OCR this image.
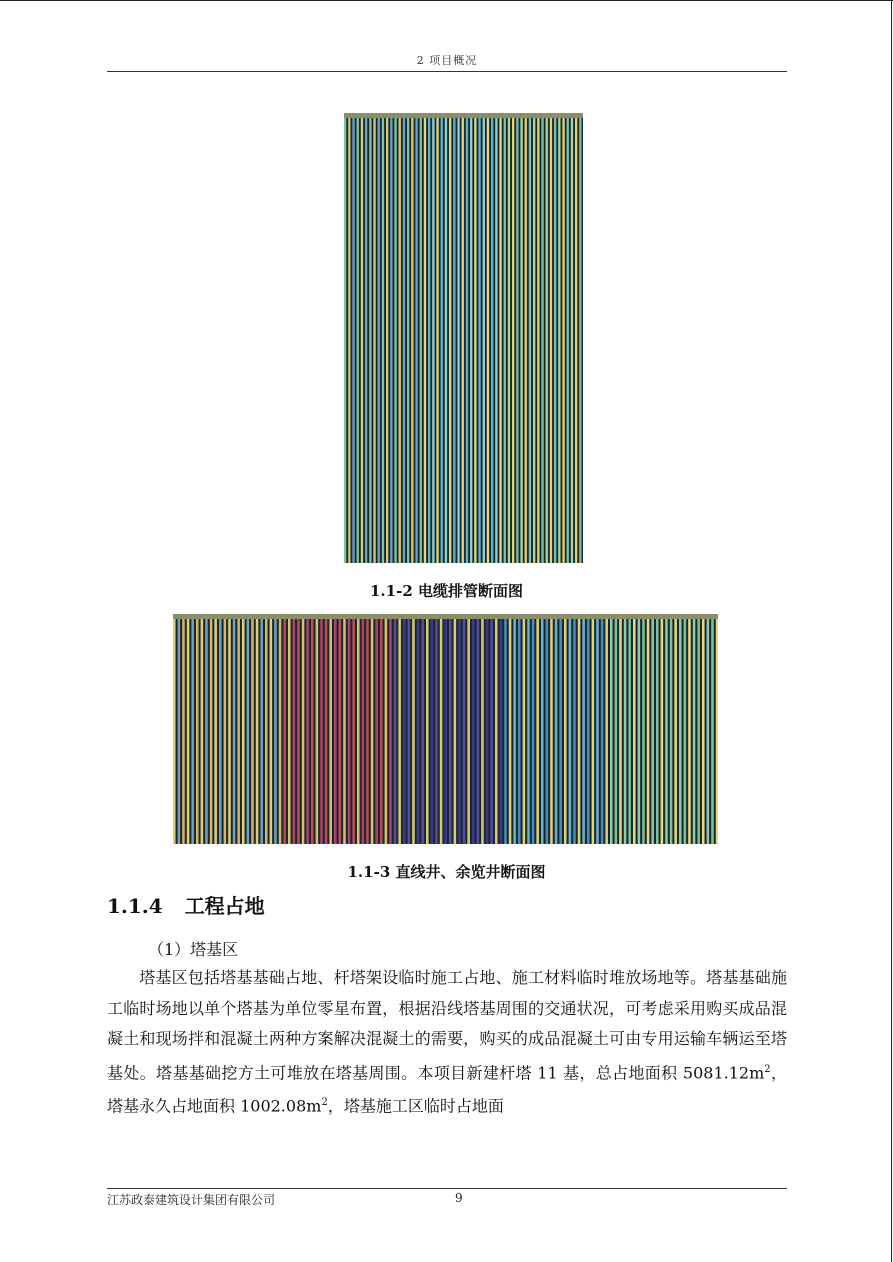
2 项目概况
1.1-2 电缆排管断面图
1.1-3 直线井、余览井断面图
1.1.4 工程占地
（1）塔基区
塔基区包括塔基基础占地、杆塔架设临时施工占地、施工材料临时堆放场地等。塔基基础施工临时场地以单个塔基为单位零星布置，根据沿线塔基周围的交通状况，可考虑采用购买成品混凝土和现场拌和混凝土两种方案解决混凝土的需要，购买的成品混凝土可由专用运输车辆运至塔基处。塔基基础挖方土可堆放在塔基周围。本项目新建杆塔 11 基，总占地面积 $5081.12m^2$，塔基永久占地面积 $1002.08m^2$，塔基施工区临时占地面
江苏政泰建筑设计集团有限公司	9
